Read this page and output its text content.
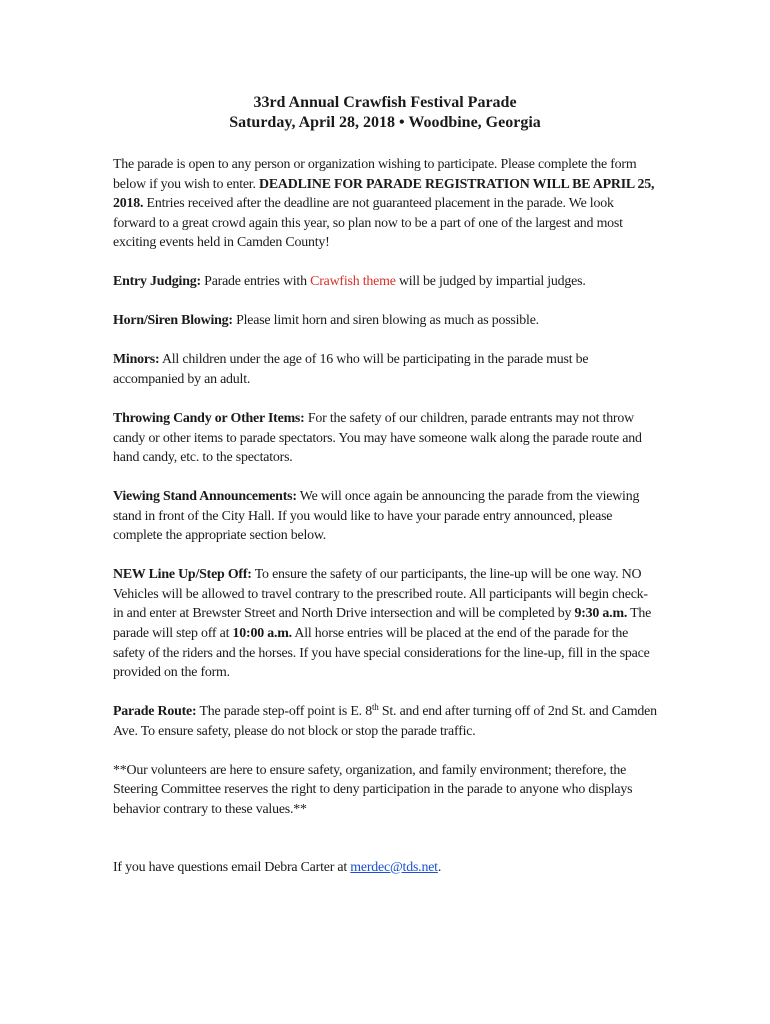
33rd Annual Crawfish Festival Parade
Saturday, April 28, 2018 • Woodbine, Georgia

The parade is open to any person or organization wishing to participate. Please complete the form below if you wish to enter. DEADLINE FOR PARADE REGISTRATION WILL BE APRIL 25, 2018. Entries received after the deadline are not guaranteed placement in the parade. We look forward to a great crowd again this year, so plan now to be a part of one of the largest and most exciting events held in Camden County!

Entry Judging: Parade entries with Crawfish theme will be judged by impartial judges.

Horn/Siren Blowing: Please limit horn and siren blowing as much as possible.

Minors: All children under the age of 16 who will be participating in the parade must be accompanied by an adult.

Throwing Candy or Other Items: For the safety of our children, parade entrants may not throw candy or other items to parade spectators. You may have someone walk along the parade route and hand candy, etc. to the spectators.

Viewing Stand Announcements: We will once again be announcing the parade from the viewing stand in front of the City Hall. If you would like to have your parade entry announced, please complete the appropriate section below.

NEW Line Up/Step Off: To ensure the safety of our participants, the line-up will be one way. NO Vehicles will be allowed to travel contrary to the prescribed route. All participants will begin check-in and enter at Brewster Street and North Drive intersection and will be completed by 9:30 a.m. The parade will step off at 10:00 a.m. All horse entries will be placed at the end of the parade for the safety of the riders and the horses. If you have special considerations for the line-up, fill in the space provided on the form.

Parade Route: The parade step-off point is E. 8th St. and end after turning off of 2nd St. and Camden Ave. To ensure safety, please do not block or stop the parade traffic.

**Our volunteers are here to ensure safety, organization, and family environment; therefore, the Steering Committee reserves the right to deny participation in the parade to anyone who displays behavior contrary to these values.**

If you have questions email Debra Carter at merdec@tds.net.
